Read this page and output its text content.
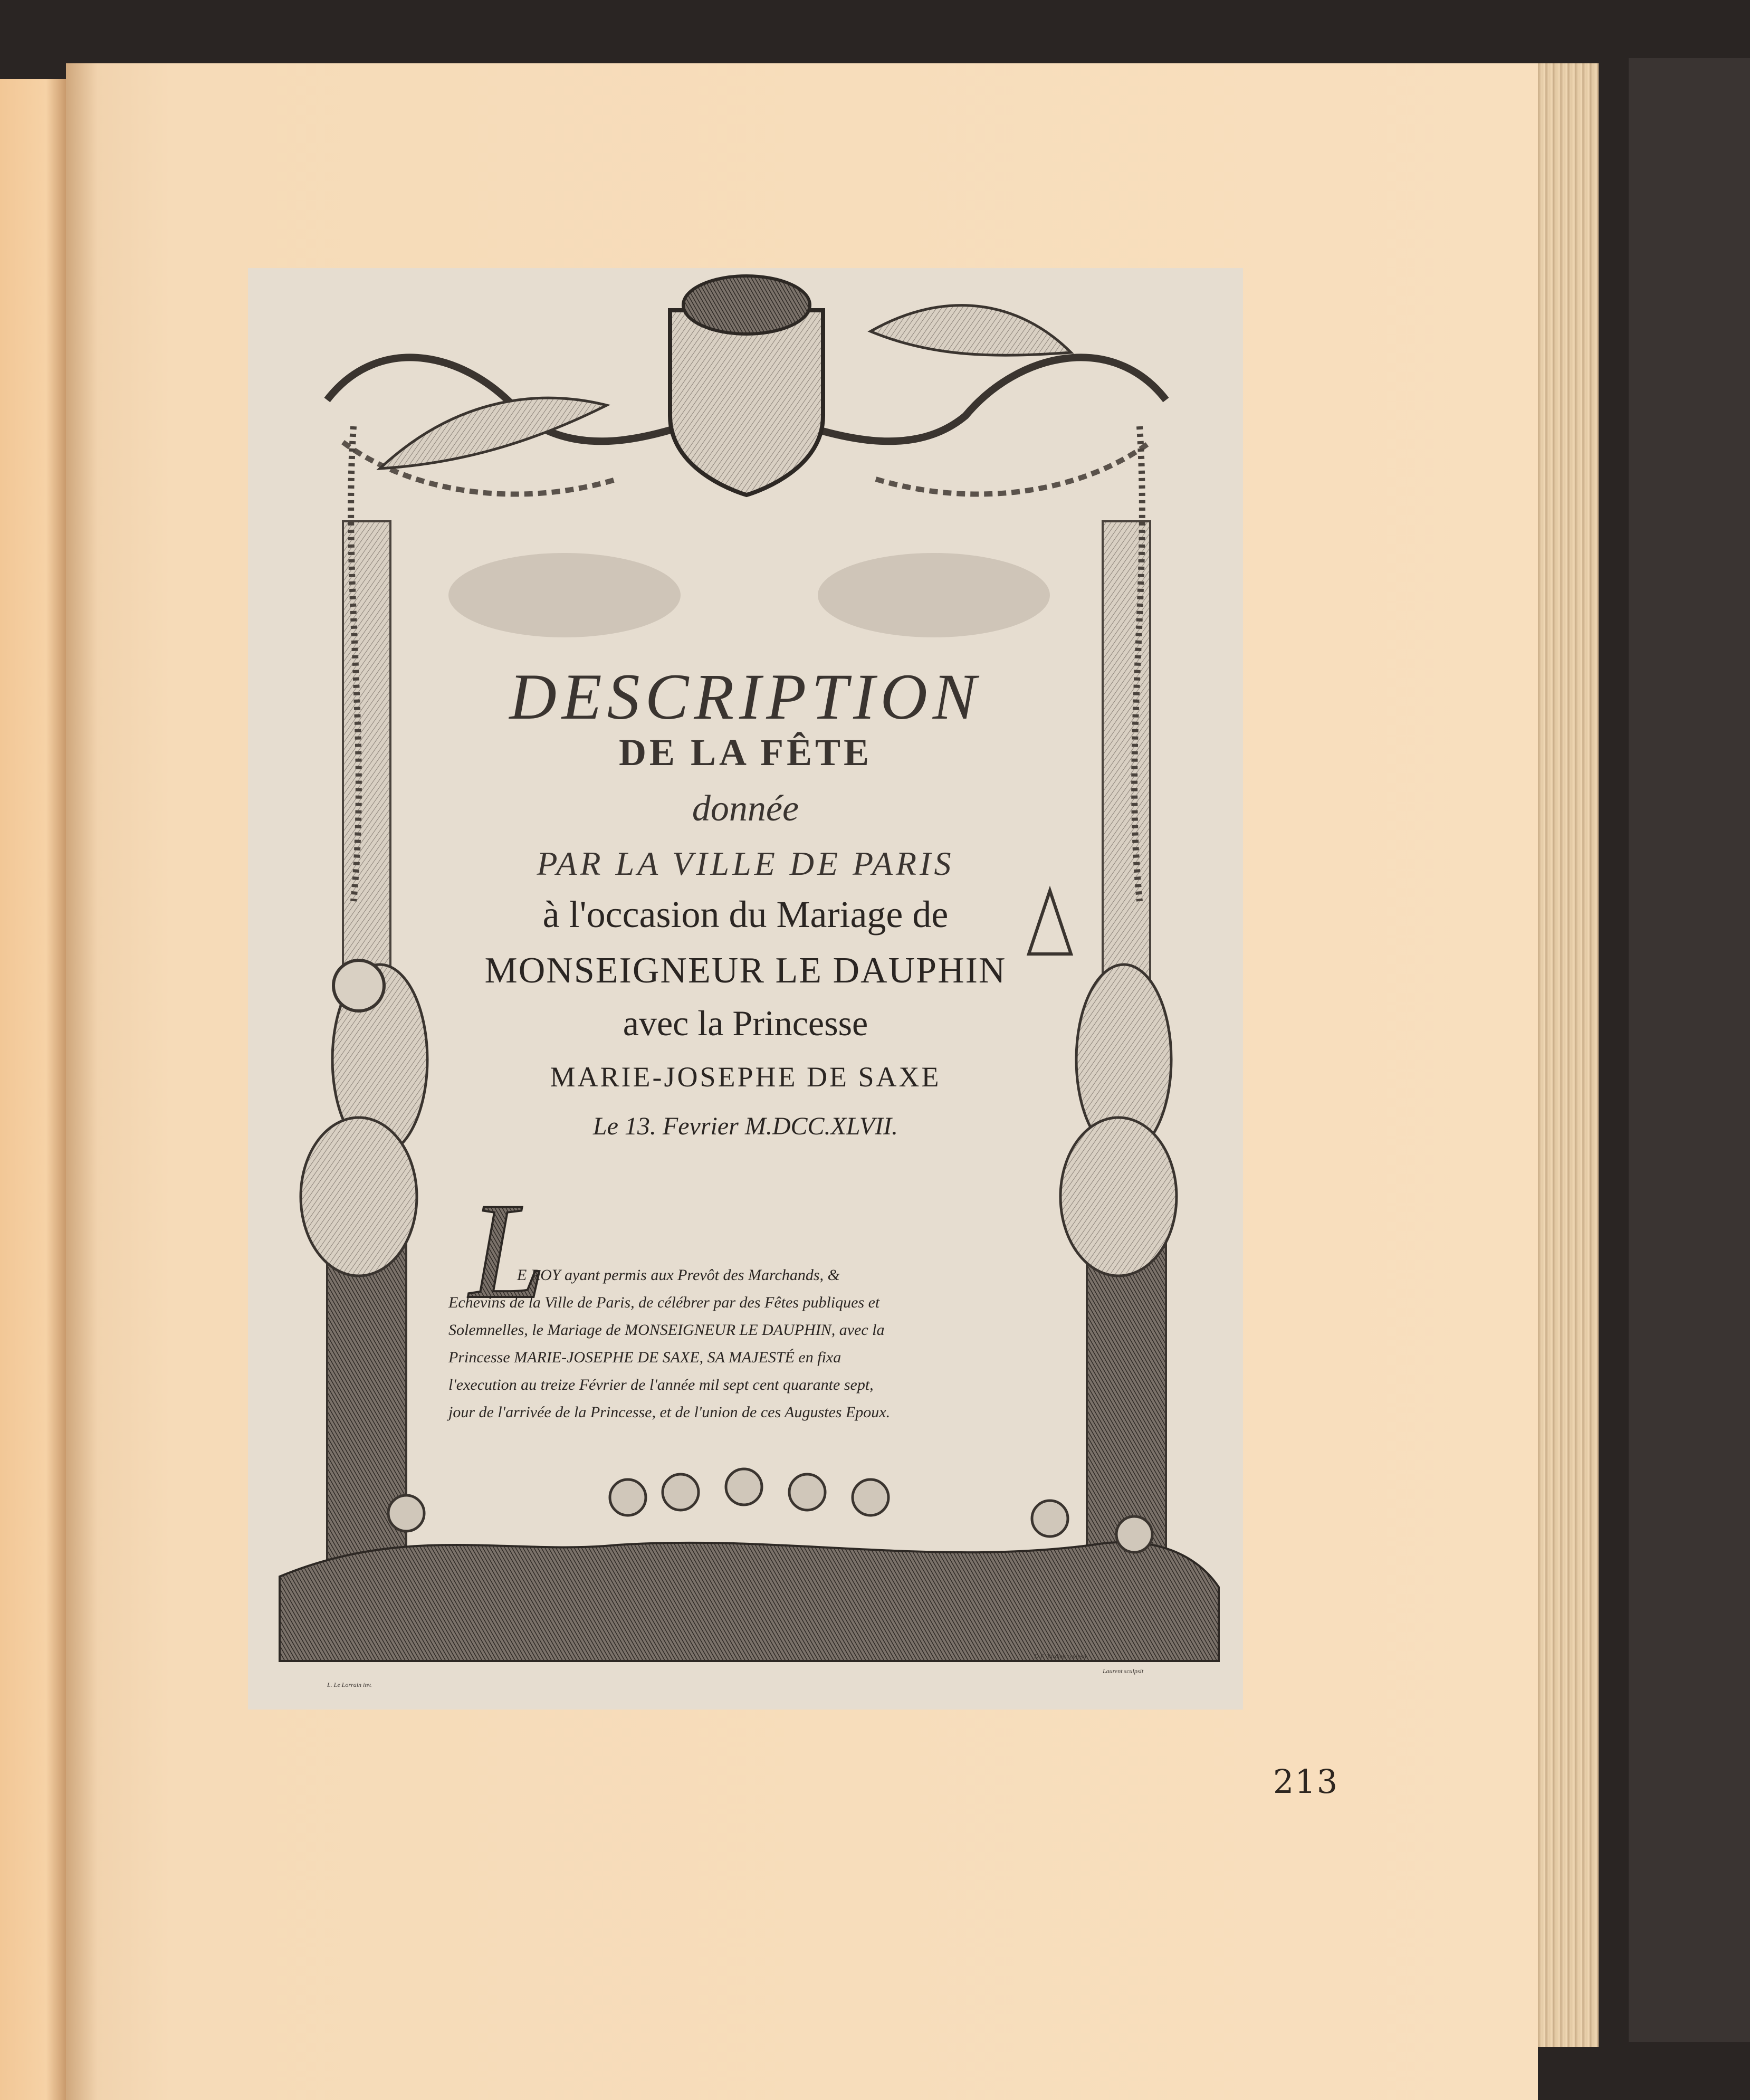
L
DESCRIPTION
DE LA FÊTE
donnée
PAR LA VILLE DE PARIS
à l'occasion du Mariage de
MONSEIGNEUR LE DAUPHIN
avec la Princesse
MARIE-JOSEPHE DE SAXE
Le 13. Fevrier M.DCC.XLVII.
E ROY ayant permis aux Prevôt des Marchands, &
Echevins de la Ville de Paris, de célébrer par des Fêtes publiques et
Solemnelles, le Mariage de MONSEIGNEUR LE DAUPHIN, avec la
Princesse MARIE-JOSEPHE DE SAXE, SA MAJESTÉ en fixa
l'execution au treize Février de l'année mil sept cent quarante sept,
jour de l'arrivée de la Princesse, et de l'union de ces Augustes Epoux.
L. Le Lorrain inv.
D.F. Tardieu sculpsit
Laurent sculpsit
213
